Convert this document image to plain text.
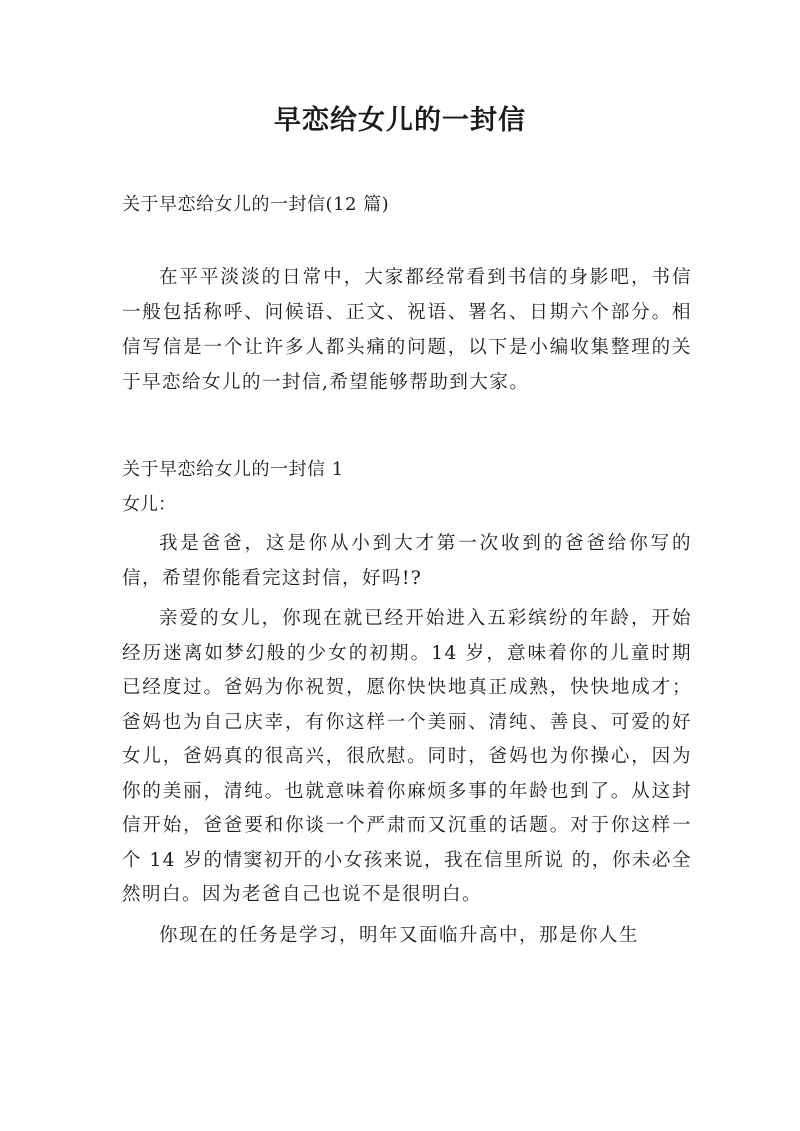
早恋给女儿的一封信

关于早恋给女儿的一封信(12 篇)

在平平淡淡的日常中，大家都经常看到书信的身影吧，书信一般包括称呼、问候语、正文、祝语、署名、日期六个部分。相信写信是一个让许多人都头痛的问题，以下是小编收集整理的关于早恋给女儿的一封信,希望能够帮助到大家。

关于早恋给女儿的一封信 1

女儿：

我是爸爸，这是你从小到大才第一次收到的爸爸给你写的信，希望你能看完这封信，好吗!?

亲爱的女儿，你现在就已经开始进入五彩缤纷的年龄，开始经历迷离如梦幻般的少女的初期。14 岁，意味着你的儿童时期已经度过。爸妈为你祝贺，愿你快快地真正成熟，快快地成才；爸妈也为自己庆幸，有你这样一个美丽、清纯、善良、可爱的好女儿，爸妈真的很高兴，很欣慰。同时，爸妈也为你操心，因为你的美丽，清纯。也就意味着你麻烦多事的年龄也到了。从这封信开始，爸爸要和你谈一个严肃而又沉重的话题。对于你这样一个 14 岁的情窦初开的小女孩来说，我在信里所说 的，你未必全然明白。因为老爸自己也说不是很明白。

你现在的任务是学习，明年又面临升高中，那是你人生
